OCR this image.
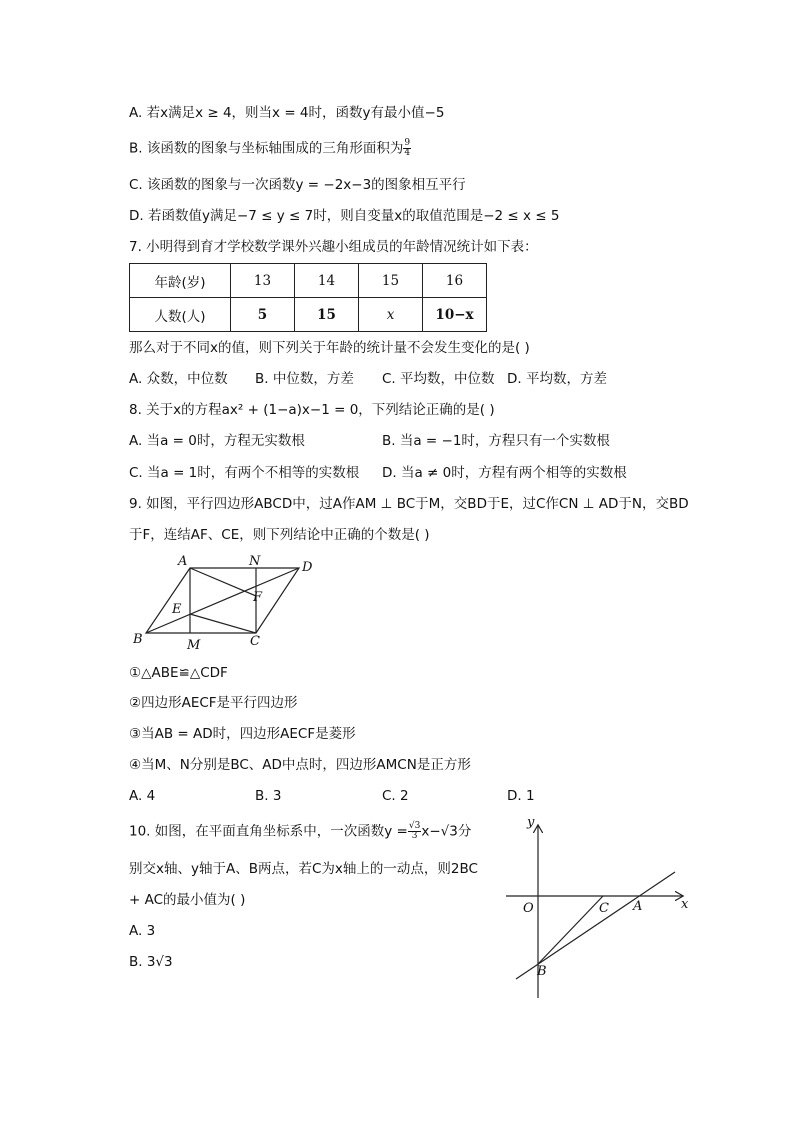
A. 若x满足x ≥ 4，则当x = 4时，函数y有最小值−5
B. 该函数的图象与坐标轴围成的三角形面积为 $\frac{9}{4}$
C. 该函数的图象与一次函数y = −2x−3的图象相互平行
D. 若函数值y满足−7 ≤ y ≤ 7时，则自变量x的取值范围是−2 ≤ x ≤ 5
7. 小明得到育才学校数学课外兴趣小组成员的年龄情况统计如下表：
年龄(岁)	13	14	15	16
人数(人)	5	15	x	10−x
那么对于不同x的值，则下列关于年龄的统计量不会发生变化的是( )
A. 众数，中位数 B. 中位数，方差 C. 平均数，中位数 D. 平均数，方差
8. 关于x的方程ax² + (1−a)x−1 = 0，下列结论正确的是( )
A. 当a = 0时，方程无实数根	B. 当a = −1时，方程只有一个实数根
C. 当a = 1时，有两个不相等的实数根 D. 当a ≠ 0时，方程有两个相等的实数根
9. 如图，平行四边形ABCD中，过A作AM ⊥ BC于M，交BD于E，过C作CN ⊥ AD于N，交BD
于F，连结AF、CE，则下列结论中正确的个数是( )
A	N	D
E
F
B	M	C
①△ABE≌△CDF
②四边形AECF是平行四边形
③当AB = AD时，四边形AECF是菱形
④当M、N分别是BC、AD中点时，四边形AMCN是正方形
A. 4	B. 3	C. 2	D. 1
10. 如图，在平面直角坐标系中，一次函数$y = \frac{√3}{3} x-√3$分
别交x轴、y轴于A、B两点，若C为x轴上的一动点，则2BC
+ AC的最小值为( )
A. 3
B. 3√3
y
x
O	C A
B
